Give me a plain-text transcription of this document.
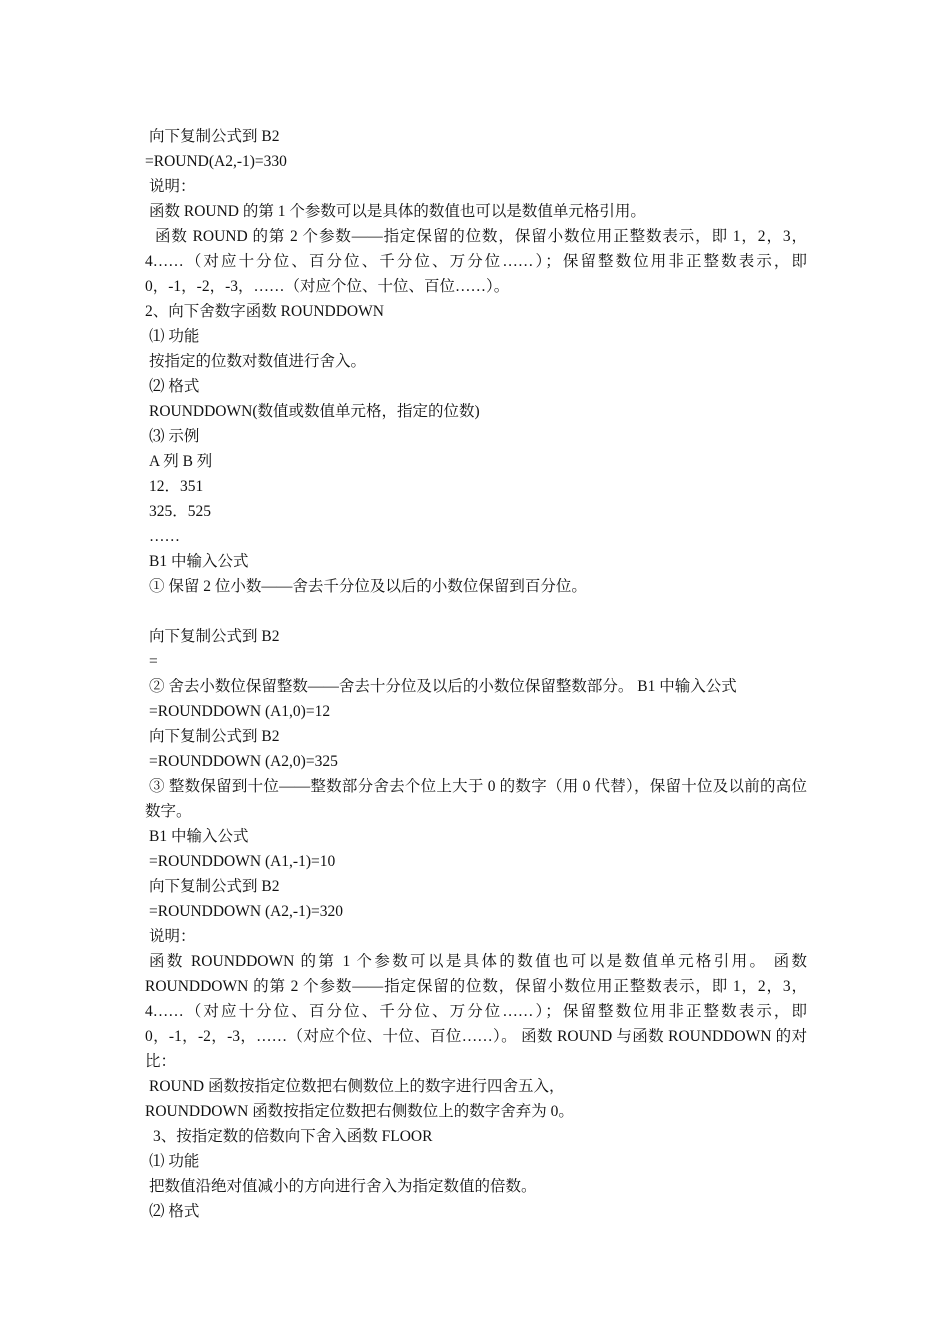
向下复制公式到 B2
=ROUND(A2,-1)=330
说明：
函数 ROUND 的第 1 个参数可以是具体的数值也可以是数值单元格引用。
函数 ROUND 的第 2 个参数——指定保留的位数，保留小数位用正整数表示，即 1，2，3，4……（对应十分位、百分位、千分位、万分位……）；保留整数位用非正整数表示，即 0，-1，-2，-3，……（对应个位、十位、百位……）。
2、向下舍数字函数 ROUNDDOWN
⑴ 功能
按指定的位数对数值进行舍入。
⑵ 格式
ROUNDDOWN(数值或数值单元格，指定的位数)
⑶ 示例
A 列 B 列
12．351
325．525
……
B1 中输入公式
① 保留 2 位小数——舍去千分位及以后的小数位保留到百分位。
向下复制公式到 B2
=
② 舍去小数位保留整数——舍去十分位及以后的小数位保留整数部分。 B1 中输入公式
=ROUNDDOWN (A1,0)=12
向下复制公式到 B2
=ROUNDDOWN (A2,0)=325
③ 整数保留到十位——整数部分舍去个位上大于 0 的数字（用 0 代替），保留十位及以前的高位数字。
B1 中输入公式
=ROUNDDOWN (A1,-1)=10
向下复制公式到 B2
=ROUNDDOWN (A2,-1)=320
说明：
函数 ROUNDDOWN 的第 1 个参数可以是具体的数值也可以是数值单元格引用。 函数 ROUNDDOWN 的第 2 个参数——指定保留的位数，保留小数位用正整数表示，即 1，2，3，4……（对应十分位、百分位、千分位、万分位……）；保留整数位用非正整数表示，即 0，-1，-2，-3，……（对应个位、十位、百位……）。 函数 ROUND 与函数 ROUNDDOWN 的对比：
ROUND 函数按指定位数把右侧数位上的数字进行四舍五入，
ROUNDDOWN 函数按指定位数把右侧数位上的数字舍弃为 0。
3、按指定数的倍数向下舍入函数 FLOOR
⑴ 功能
把数值沿绝对值减小的方向进行舍入为指定数值的倍数。
⑵ 格式
